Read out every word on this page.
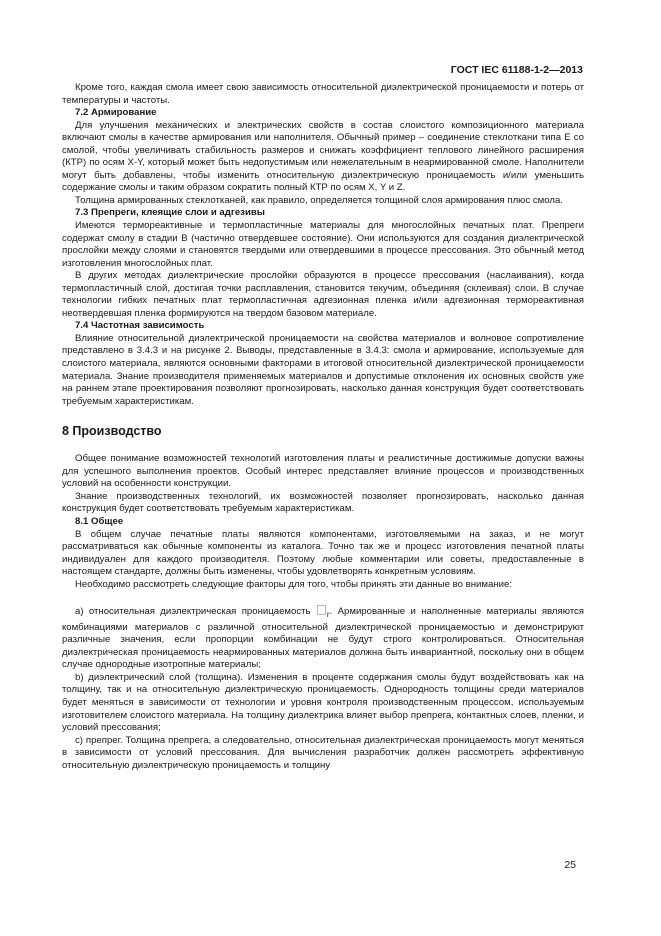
ГОСТ IEC 61188-1-2—2013

Кроме того, каждая смола имеет свою зависимость относительной диэлектрической проницаемости и потерь от температуры и частоты.

7.2 Армирование

Для улучшения механических и электрических свойств в состав слоистого композиционного материала включают смолы в качестве армирования или наполнителя. Обычный пример – соединение стеклоткани типа Е со смолой, чтобы увеличивать стабильность размеров и снижать коэффициент теплового линейного расширения (КТР) по осям X-Y, который может быть недопустимым или нежелательным в неармированной смоле. Наполнители могут быть добавлены, чтобы изменить относительную диэлектрическую проницаемость и/или уменьшить содержание смолы и таким образом сократить полный КТР по осям X, Y и Z.

Толщина армированных стеклотканей, как правило, определяется толщиной слоя армирования плюс смола.

7.3 Препреги, клеящие слои и адгезивы

Имеются термореактивные и термопластичные материалы для многослойных печатных плат. Препреги содержат смолу в стадии В (частично отвердевшее состояние). Они используются для создания диэлектрической прослойки между слоями и становятся твердыми или отвердевшими в процессе прессования. Это обычный метод изготовления многослойных плат.

В других методах диэлектрические прослойки образуются в процессе прессования (наслаивания), когда термопластичный слой, достигая точки расплавления, становится текучим, объединяя (склеивая) слои. В случае технологии гибких печатных плат термопластичная адгезионная пленка и/или адгезионная термореактивная неотвердевшая пленка формируются на твердом базовом материале.

7.4 Частотная зависимость

Влияние относительной диэлектрической проницаемости на свойства материалов и волновое сопротивление представлено в 3.4.3 и на рисунке 2. Выводы, представленные в 3.4.3: смола и армирование, используемые для слоистого материала, являются основными факторами в итоговой относительной диэлектрической проницаемости материала. Знание производителя применяемых материалов и допустимые отклонения их основных свойств уже на раннем этапе проектирования позволяют прогнозировать, насколько данная конструкция будет соответствовать требуемым характеристикам.

8 Производство

Общее понимание возможностей технологий изготовления платы и реалистичные достижимые допуски важны для успешного выполнения проектов. Особый интерес представляет влияние процессов и производственных условий на особенности конструкции.

Знание производственных технологий, их возможностей позволяет прогнозировать, насколько данная конструкция будет соответствовать требуемым характеристикам.

8.1 Общее

В общем случае печатные платы являются компонентами, изготовляемыми на заказ, и не могут рассматриваться как обычные компоненты из каталога. Точно так же и процесс изготовления печатной платы индивидуален для каждого производителя. Поэтому любые комментарии или советы, предоставленные в настоящем стандарте, должны быть изменены, чтобы удовлетворять конкретным условиям.

Необходимо рассмотреть следующие факторы для того, чтобы принять эти данные во внимание:

а) относительная диэлектрическая проницаемость $_r$. Армированные и наполненные материалы являются комбинациями материалов с различной относительной диэлектрической проницаемостью и демонстрируют различные значения, если пропорции комбинации не будут строго контролироваться. Относительная диэлектрическая проницаемость неармированных материалов должна быть инвариантной, поскольку они в общем случае однородные изотропные материалы;

b) диэлектрический слой (толщина). Изменения в проценте содержания смолы будут воздействовать как на толщину, так и на относительную диэлектрическую проницаемость. Однородность толщины среди материалов будет меняться в зависимости от технологии и уровня контроля производственным процессом, используемым изготовителем слоистого материала. На толщину диэлектрика влияет выбор препрега, контактных слоев, пленки, и условий прессования;

с) препрег. Толщина препрега, а следовательно, относительная диэлектрическая проницаемость могут меняться в зависимости от условий прессования. Для вычисления разработчик должен рассмотреть эффективную относительную диэлектрическую проницаемость и толщину

25
